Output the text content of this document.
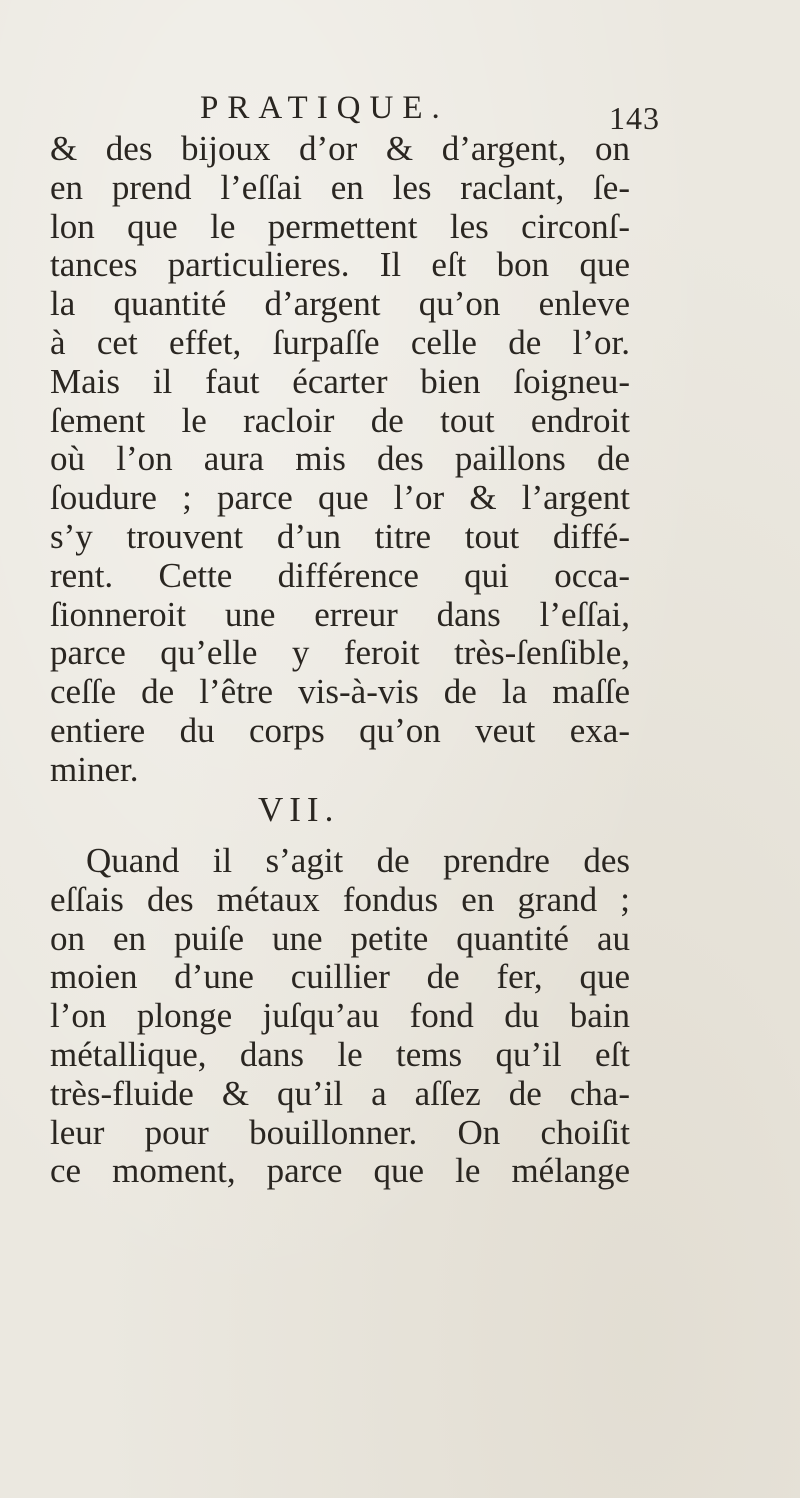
PRATIQUE.	143
& des bijoux d’or & d’argent, on
en prend l’eſſai en les raclant, ſe-
lon que le permettent les circonſ-
tances particulieres. Il eſt bon que
la quantité d’argent qu’on enleve
à cet effet, ſurpaſſe celle de l’or.
Mais il faut écarter bien ſoigneu-
ſement le racloir de tout endroit
où l’on aura mis des paillons de
ſoudure ; parce que l’or & l’argent
s’y trouvent d’un titre tout diffé-
rent. Cette différence qui occa-
ſionneroit une erreur dans l’eſſai,
parce qu’elle y feroit très-ſenſible,
ceſſe de l’être vis-à-vis de la maſſe
entiere du corps qu’on veut exa-
miner.
VII.
Quand il s’agit de prendre des
eſſais des métaux fondus en grand ;
on en puiſe une petite quantité au
moien d’une cuillier de fer, que
l’on plonge juſqu’au fond du bain
métallique, dans le tems qu’il eſt
très-fluide & qu’il a aſſez de cha-
leur pour bouillonner. On choiſit
ce moment, parce que le mélange
